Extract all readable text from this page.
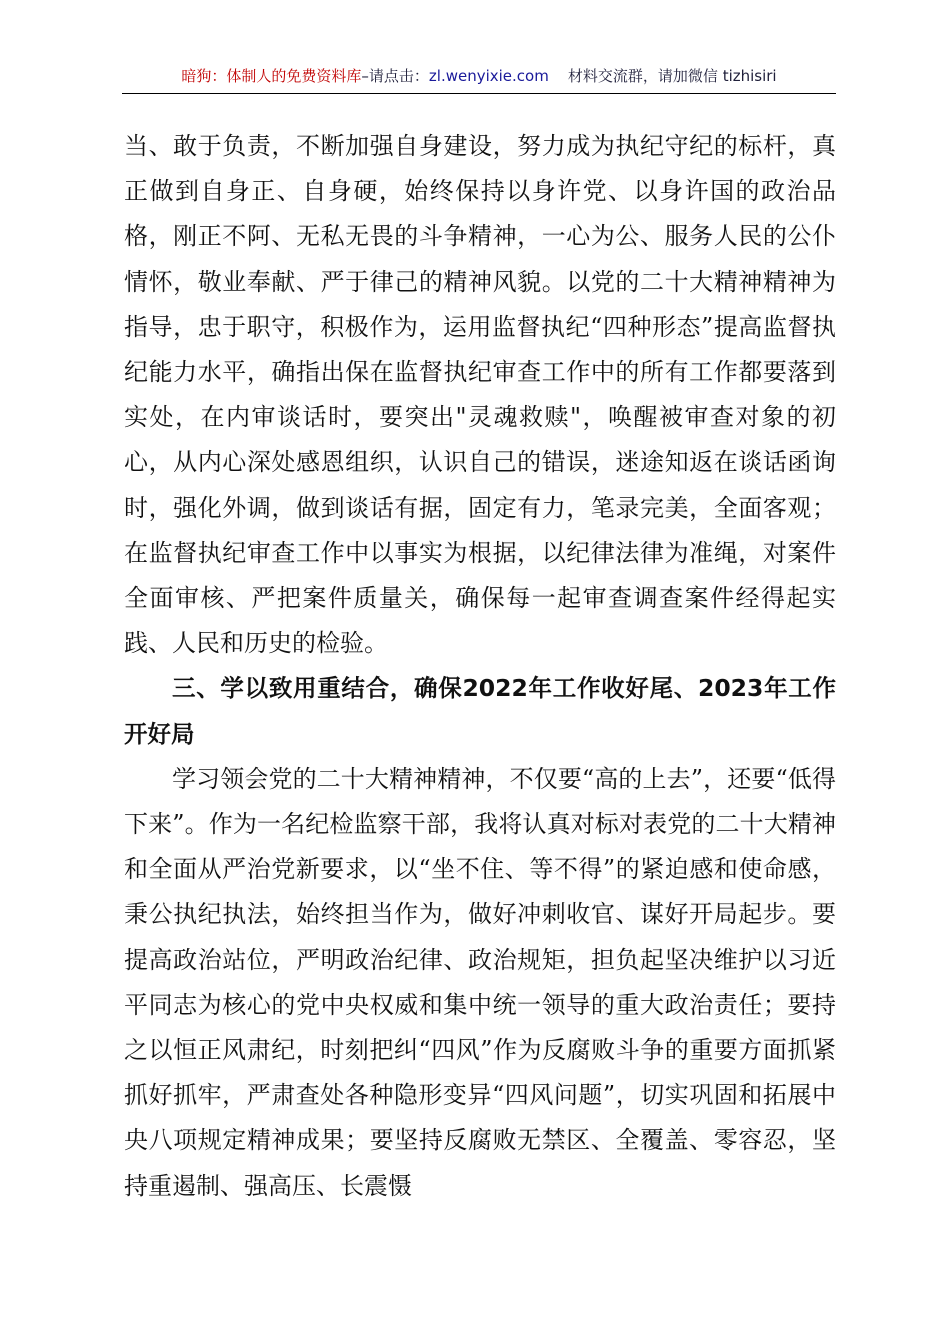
暗狗：体制人的免费资料库–请点击：zl.wenyixie.com 材料交流群，请加微信 tizhisiri

当、敢于负责，不断加强自身建设，努力成为执纪守纪的标杆，真正做到自身正、自身硬，始终保持以身许党、以身许国的政治品格，刚正不阿、无私无畏的斗争精神，一心为公、服务人民的公仆情怀，敬业奉献、严于律己的精神风貌。以党的二十大精神精神为指导，忠于职守，积极作为，运用监督执纪“四种形态”提高监督执纪能力水平，确指出保在监督执纪审查工作中的所有工作都要落到实处，在内审谈话时，要突出"灵魂救赎"，唤醒被审查对象的初心，从内心深处感恩组织，认识自己的错误，迷途知返在谈话函询时，强化外调，做到谈话有据，固定有力，笔录完美，全面客观；在监督执纪审查工作中以事实为根据，以纪律法律为准绳，对案件全面审核、严把案件质量关，确保每一起审查调查案件经得起实践、人民和历史的检验。

三、学以致用重结合，确保2022年工作收好尾、2023年工作开好局

学习领会党的二十大精神精神，不仅要“高的上去”，还要“低得下来”。作为一名纪检监察干部，我将认真对标对表党的二十大精神和全面从严治党新要求，以“坐不住、等不得”的紧迫感和使命感，秉公执纪执法，始终担当作为，做好冲刺收官、谋好开局起步。要提高政治站位，严明政治纪律、政治规矩，担负起坚决维护以习近平同志为核心的党中央权威和集中统一领导的重大政治责任；要持之以恒正风肃纪，时刻把纠“四风”作为反腐败斗争的重要方面抓紧抓好抓牢，严肃查处各种隐形变异“四风问题”，切实巩固和拓展中央八项规定精神成果；要坚持反腐败无禁区、全覆盖、零容忍，坚持重遏制、强高压、长震慑
